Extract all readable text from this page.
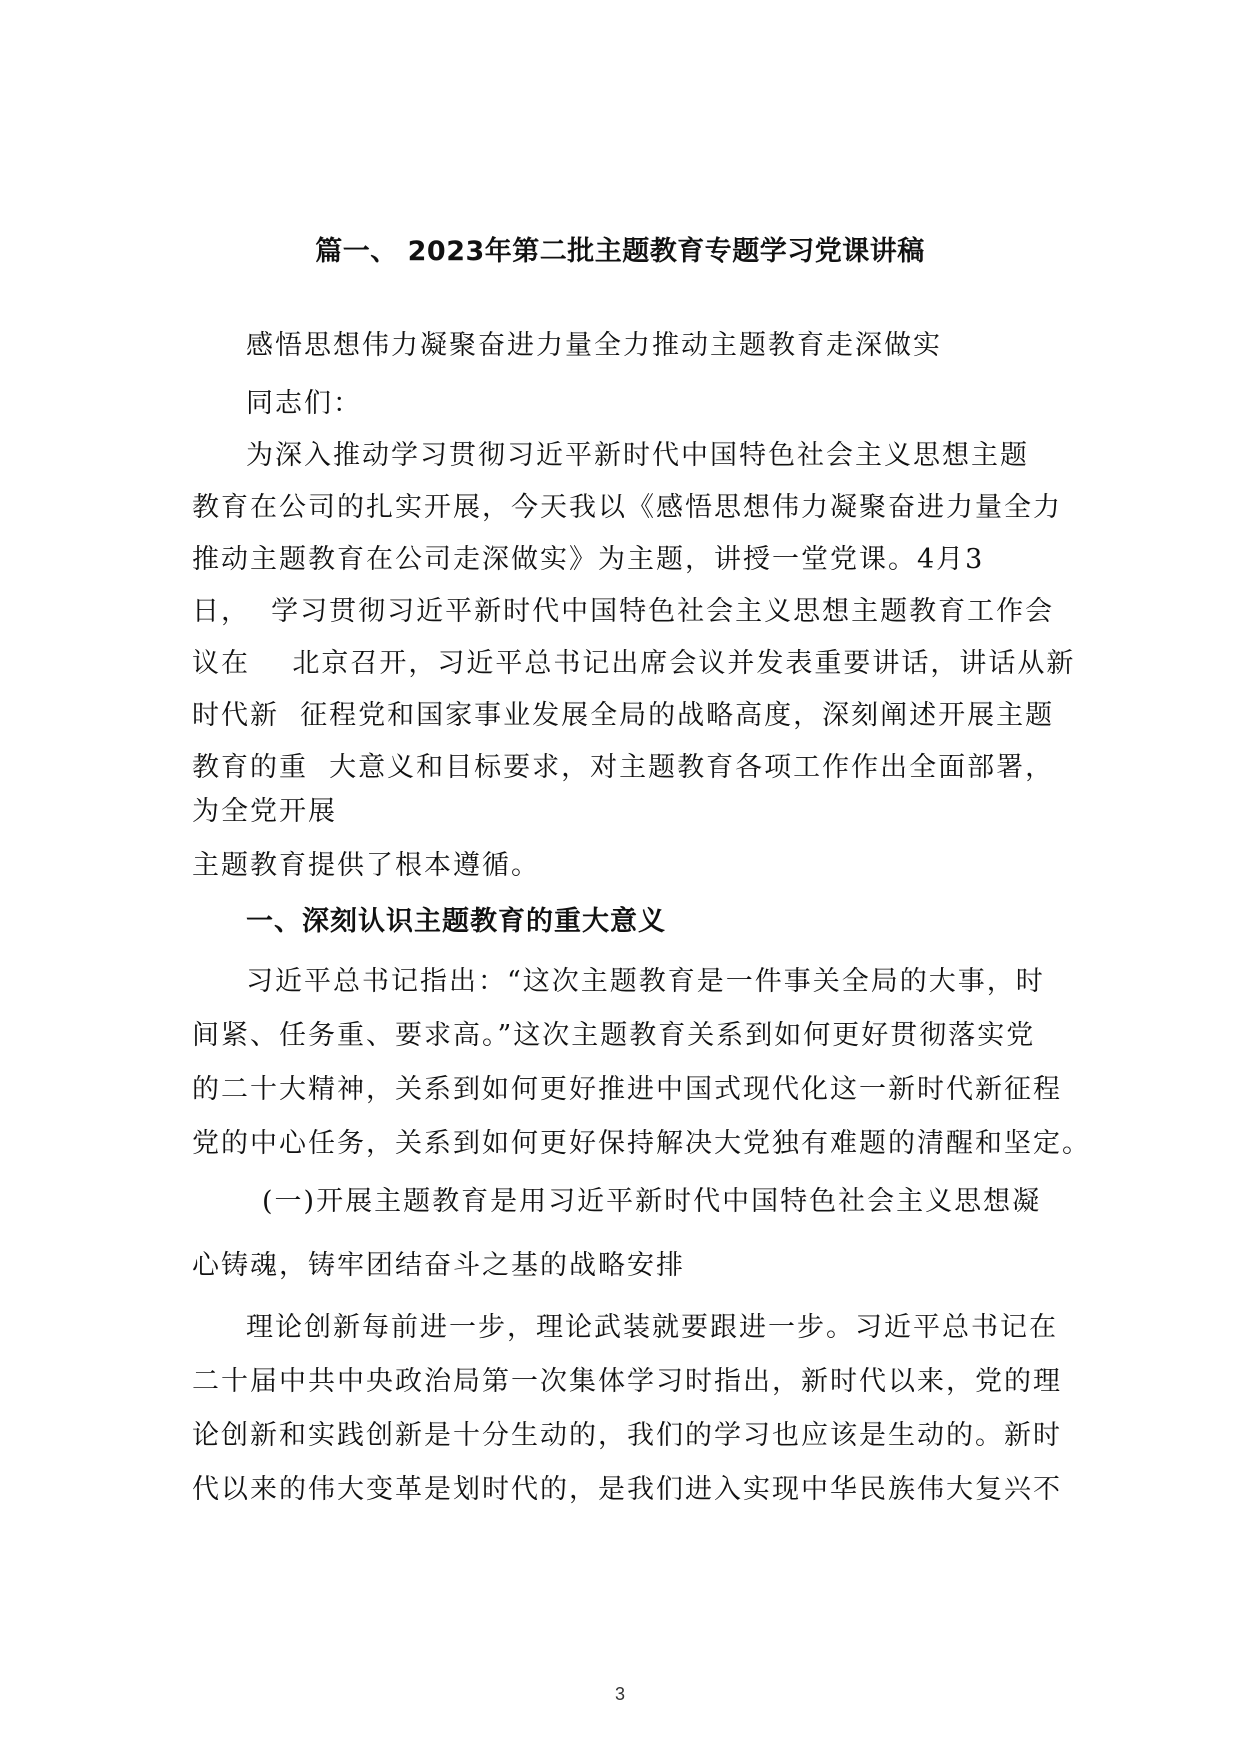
篇一、 2023年第二批主题教育专题学习党课讲稿
感悟思想伟力凝聚奋进力量全力推动主题教育走深做实
同志们：
为深入推动学习贯彻习近平新时代中国特色社会主义思想主题
教育在公司的扎实开展，今天我以《感悟思想伟力凝聚奋进力量全力
推动主题教育在公司走深做实》为主题，讲授一堂党课。4月3
日，  学习贯彻习近平新时代中国特色社会主义思想主题教育工作会
议在    北京召开，习近平总书记出席会议并发表重要讲话，讲话从新
时代新  征程党和国家事业发展全局的战略高度，深刻阐述开展主题
教育的重  大意义和目标要求，对主题教育各项工作作出全面部署，
为全党开展
主题教育提供了根本遵循。
一、深刻认识主题教育的重大意义
习近平总书记指出：“这次主题教育是一件事关全局的大事，时
间紧、任务重、要求高。”这次主题教育关系到如何更好贯彻落实党
的二十大精神，关系到如何更好推进中国式现代化这一新时代新征程
党的中心任务，关系到如何更好保持解决大党独有难题的清醒和坚定。
(一)开展主题教育是用习近平新时代中国特色社会主义思想凝
心铸魂，铸牢团结奋斗之基的战略安排
理论创新每前进一步，理论武装就要跟进一步。习近平总书记在
二十届中共中央政治局第一次集体学习时指出，新时代以来，党的理
论创新和实践创新是十分生动的，我们的学习也应该是生动的。新时
代以来的伟大变革是划时代的，是我们进入实现中华民族伟大复兴不
3
